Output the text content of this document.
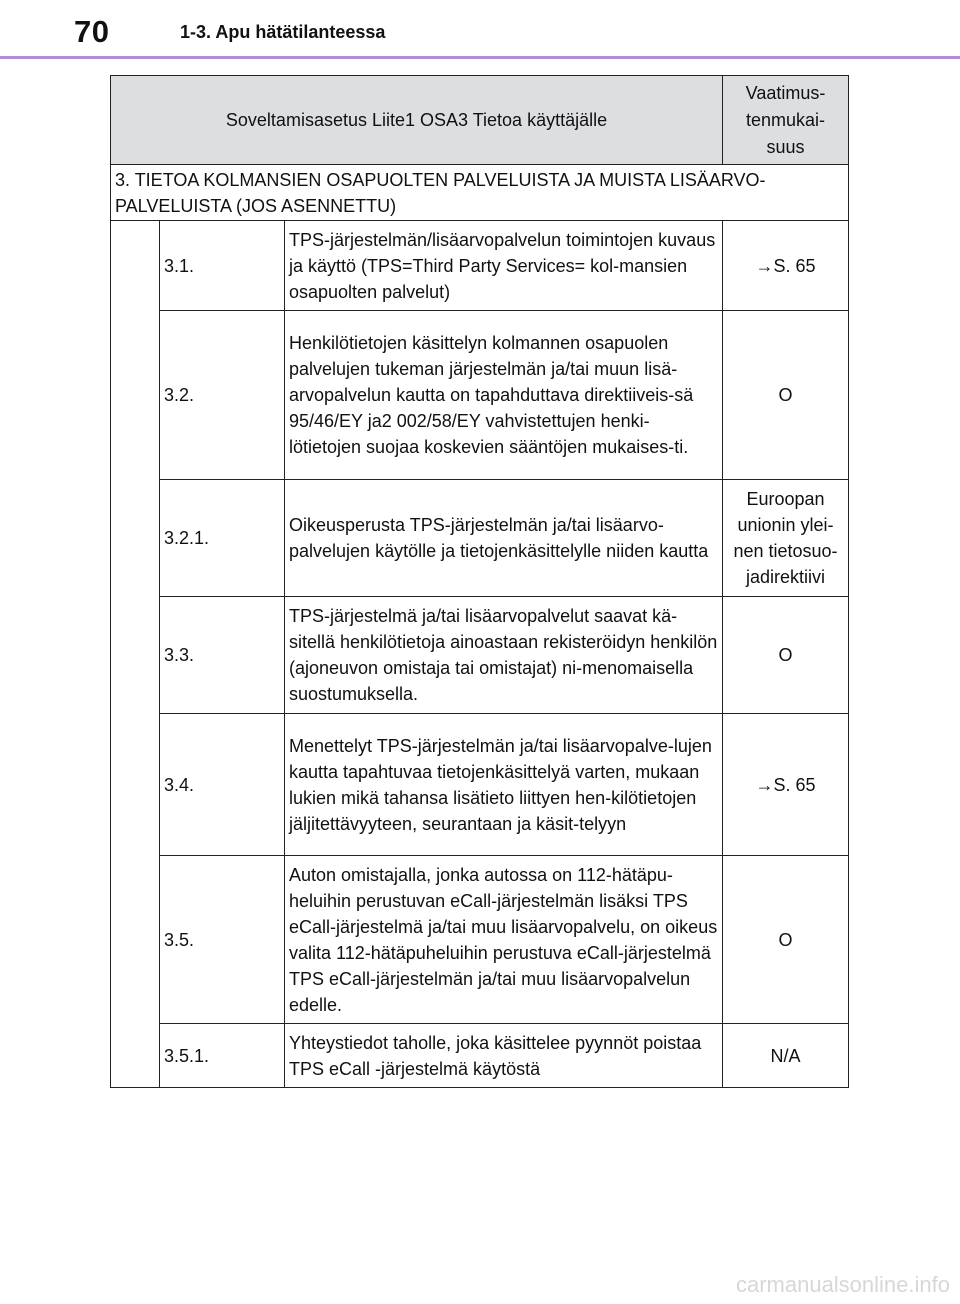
70	1-3. Apu hätätilanteessa
Soveltamisasetus Liite1 OSA3 Tietoa käyttäjälle			Vaatimus-
tenmukai-
suus
3. TIETOA KOLMANSIEN OSAPUOLTEN PALVELUISTA JA MUISTA LISÄARVO-
PALVELUISTA (JOS ASENNETTU)			
	3.1.	TPS-järjestelmän/lisäarvopalvelun toimintojen kuvaus ja käyttö (TPS=Third Party Services= kol-mansien osapuolten palvelut)	→S. 65
	3.2.	Henkilötietojen käsittelyn kolmannen osapuolen palvelujen tukeman järjestelmän ja/tai muun lisä-arvopalvelun kautta on tapahduttava direktiiveis-sä 95/46/EY ja2 002/58/EY vahvistettujen henki-lötietojen suojaa koskevien sääntöjen mukaises-ti.	O
	3.2.1.	Oikeusperusta TPS-järjestelmän ja/tai lisäarvo-palvelujen käytölle ja tietojenkäsittelylle niiden kautta	Euroopan unionin ylei-nen tietosuo-jadirektiivi
	3.3.	TPS-järjestelmä ja/tai lisäarvopalvelut saavat kä-sitellä henkilötietoja ainoastaan rekisteröidyn henkilön (ajoneuvon omistaja tai omistajat) ni-menomaisella suostumuksella.	O
	3.4.	Menettelyt TPS-järjestelmän ja/tai lisäarvopalve-lujen kautta tapahtuvaa tietojenkäsittelyä varten, mukaan lukien mikä tahansa lisätieto liittyen hen-kilötietojen jäljitettävyyteen, seurantaan ja käsit-telyyn	→S. 65
	3.5.	Auton omistajalla, jonka autossa on 112-hätäpu-heluihin perustuvan eCall-järjestelmän lisäksi TPS eCall-järjestelmä ja/tai muu lisäarvopalvelu, on oikeus valita 112-hätäpuheluihin perustuva eCall-järjestelmä TPS eCall-järjestelmän ja/tai muu lisäarvopalvelun edelle.	O
	3.5.1.	Yhteystiedot taholle, joka käsittelee pyynnöt poistaa TPS eCall -järjestelmä käytöstä	N/A
carmanualsonline.info
